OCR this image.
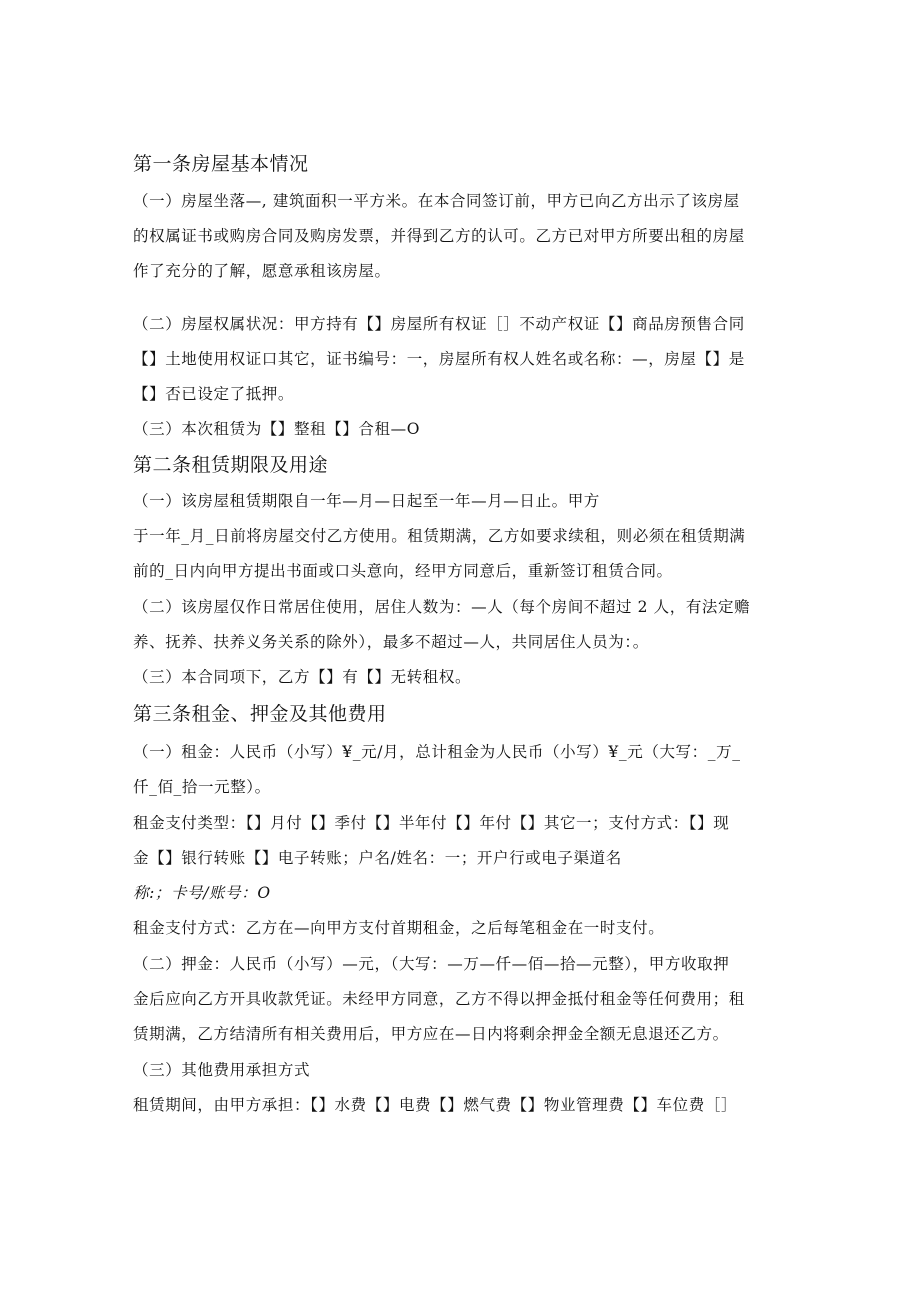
第一条房屋基本情况
（一）房屋坐落—, 建筑面积一平方米。在本合同签订前，甲方已向乙方出示了该房屋
的权属证书或购房合同及购房发票，并得到乙方的认可。乙方已对甲方所要出租的房屋
作了充分的了解，愿意承租该房屋。
（二）房屋权属状况：甲方持有【】房屋所有权证［］不动产权证【】商品房预售合同
【】土地使用权证口其它，证书编号：一，房屋所有权人姓名或名称：—，房屋【】是
【】否已设定了抵押。
（三）本次租赁为【】整租【】合租—O
第二条租赁期限及用途
（一）该房屋租赁期限自一年—月—日起至一年—月—日止。甲方
于一年_月_日前将房屋交付乙方使用。租赁期满，乙方如要求续租，则必须在租赁期满
前的_日内向甲方提出书面或口头意向，经甲方同意后，重新签订租赁合同。
（二）该房屋仅作日常居住使用，居住人数为：—人（每个房间不超过 2 人，有法定赡
养、抚养、扶养义务关系的除外），最多不超过—人，共同居住人员为：。
（三）本合同项下，乙方【】有【】无转租权。
第三条租金、押金及其他费用
（一）租金：人民币（小写）¥_元/月，总计租金为人民币（小写）¥_元（大写：_万_
仟_佰_拾一元整）。
租金支付类型：【】月付【】季付【】半年付【】年付【】其它一；支付方式：【】现
金【】银行转账【】电子转账；户名/姓名：一；开户行或电子渠道名
称:；卡号/账号：O
租金支付方式：乙方在—向甲方支付首期租金，之后每笔租金在一时支付。
（二）押金：人民币（小写）—元，（大写：—万—仟—佰—拾—元整），甲方收取押
金后应向乙方开具收款凭证。未经甲方同意，乙方不得以押金抵付租金等任何费用；租
赁期满，乙方结清所有相关费用后，甲方应在—日内将剩余押金全额无息退还乙方。
（三）其他费用承担方式
租赁期间，由甲方承担：【】水费【】电费【】燃气费【】物业管理费【】车位费［］
